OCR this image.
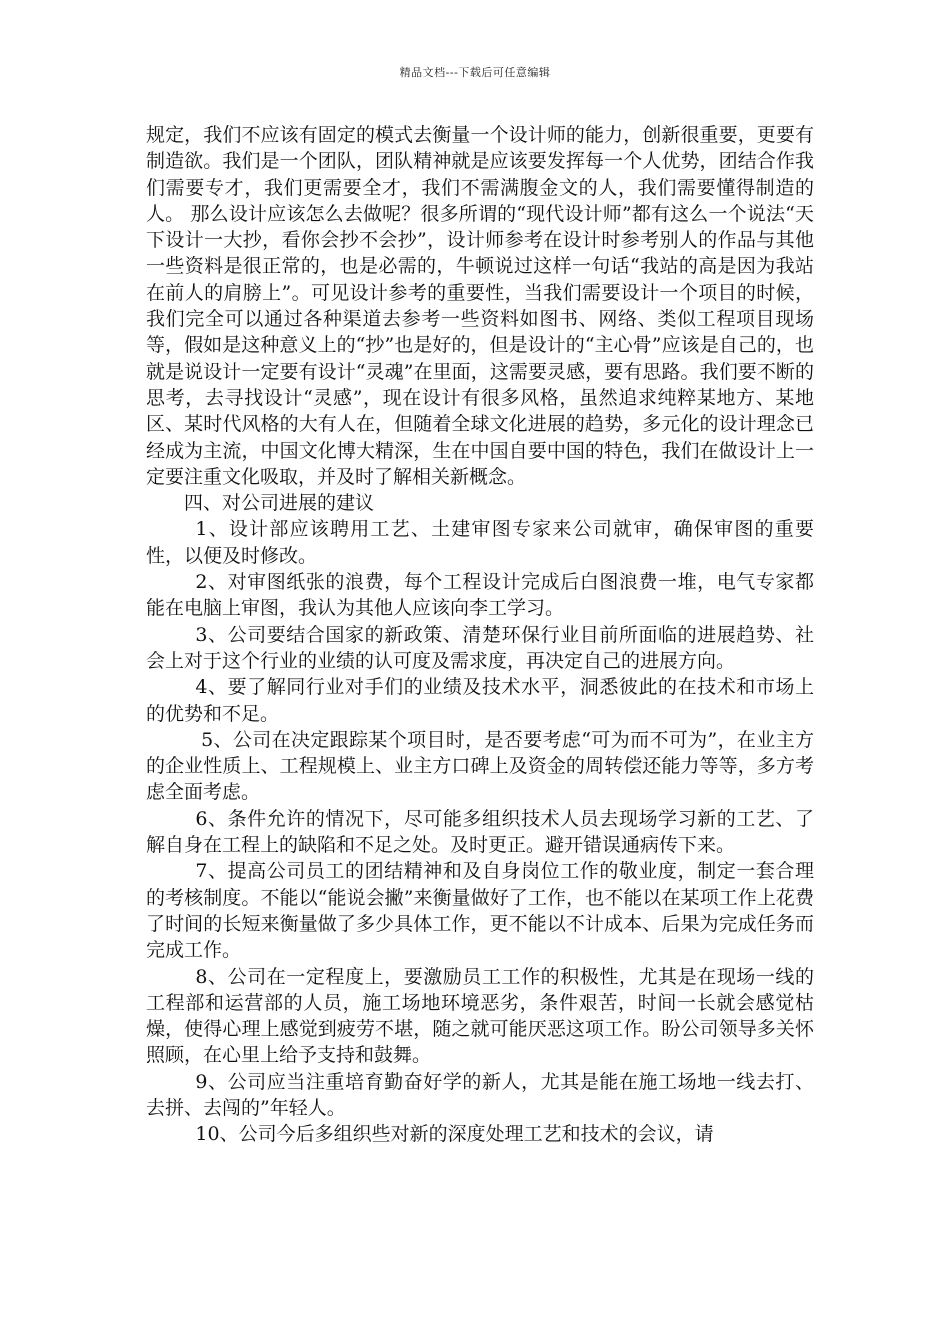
精品文档---下载后可任意编辑

规定，我们不应该有固定的模式去衡量一个设计师的能力，创新很重要，更要有制造欲。我们是一个团队，团队精神就是应该要发挥每一个人优势，团结合作我们需要专才，我们更需要全才，我们不需满腹金文的人，我们需要懂得制造的人。 那么设计应该怎么去做呢？很多所谓的“现代设计师”都有这么一个说法“天下设计一大抄，看你会抄不会抄”，设计师参考在设计时参考别人的作品与其他一些资料是很正常的，也是必需的，牛顿说过这样一句话“我站的高是因为我站在前人的肩膀上”。可见设计参考的重要性，当我们需要设计一个项目的时候，我们完全可以通过各种渠道去参考一些资料如图书、网络、类似工程项目现场等，假如是这种意义上的“抄”也是好的，但是设计的“主心骨”应该是自己的，也就是说设计一定要有设计“灵魂”在里面，这需要灵感，要有思路。我们要不断的思考，去寻找设计“灵感”，现在设计有很多风格，虽然追求纯粹某地方、某地区、某时代风格的大有人在，但随着全球文化进展的趋势，多元化的设计理念已经成为主流，中国文化博大精深，生在中国自要中国的特色，我们在做设计上一定要注重文化吸取，并及时了解相关新概念。

四、对公司进展的建议

1、设计部应该聘用工艺、土建审图专家来公司就审，确保审图的重要性，以便及时修改。

2、对审图纸张的浪费，每个工程设计完成后白图浪费一堆，电气专家都能在电脑上审图，我认为其他人应该向李工学习。

3、公司要结合国家的新政策、清楚环保行业目前所面临的进展趋势、社会上对于这个行业的业绩的认可度及需求度，再决定自己的进展方向。

4、要了解同行业对手们的业绩及技术水平，洞悉彼此的在技术和市场上的优势和不足。

5、公司在决定跟踪某个项目时，是否要考虑“可为而不可为”，在业主方的企业性质上、工程规模上、业主方口碑上及资金的周转偿还能力等等，多方考虑全面考虑。

6、条件允许的情况下，尽可能多组织技术人员去现场学习新的工艺、了解自身在工程上的缺陷和不足之处。及时更正。避开错误通病传下来。

7、提高公司员工的团结精神和及自身岗位工作的敬业度，制定一套合理的考核制度。不能以“能说会撇”来衡量做好了工作，也不能以在某项工作上花费了时间的长短来衡量做了多少具体工作，更不能以不计成本、后果为完成任务而完成工作。

8、公司在一定程度上，要激励员工工作的积极性，尤其是在现场一线的工程部和运营部的人员，施工场地环境恶劣，条件艰苦，时间一长就会感觉枯燥，使得心理上感觉到疲劳不堪，随之就可能厌恶这项工作。盼公司领导多关怀照顾，在心里上给予支持和鼓舞。

9、公司应当注重培育勤奋好学的新人，尤其是能在施工场地一线去打、去拼、去闯的”年轻人。

10、公司今后多组织些对新的深度处理工艺和技术的会议，请
